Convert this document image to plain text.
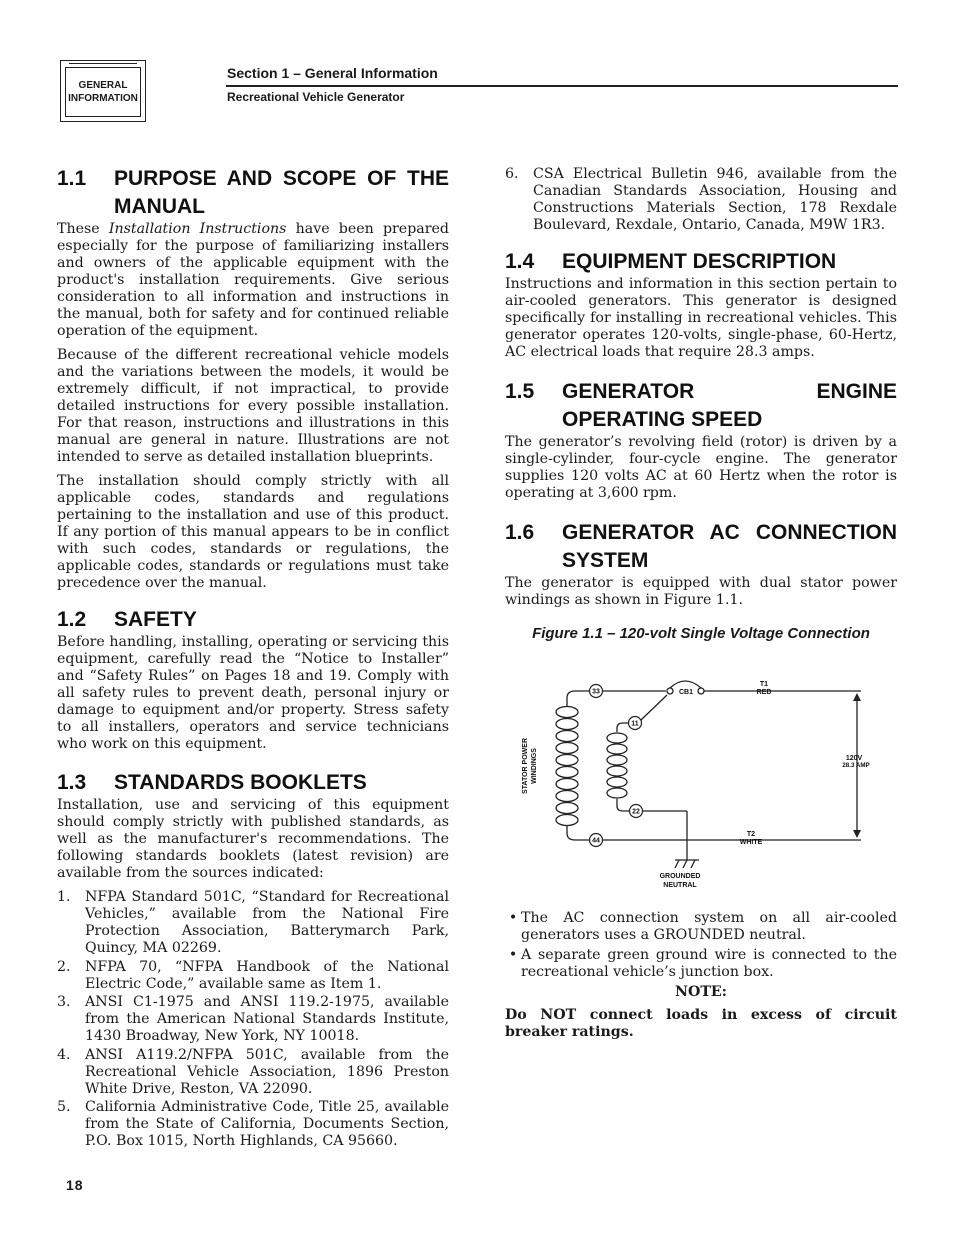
GENERAL
INFORMATION
Section 1 – General Information
Recreational Vehicle Generator
1.1	PURPOSE AND SCOPE OF THE MANUAL

These Installation Instructions have been prepared especially for the purpose of familiarizing installers and owners of the applicable equipment with the product's installation requirements. Give serious consideration to all information and instructions in the manual, both for safety and for continued reliable operation of the equipment.

Because of the different recreational vehicle models and the variations between the models, it would be extremely difficult, if not impractical, to provide detailed instructions for every possible installation. For that reason, instructions and illustrations in this manual are general in nature. Illustrations are not intended to serve as detailed installation blueprints.

The installation should comply strictly with all applicable codes, standards and regulations pertaining to the installation and use of this product. If any portion of this manual appears to be in conflict with such codes, standards or regulations, the applicable codes, standards or regulations must take precedence over the manual.

1.2	SAFETY

Before handling, installing, operating or servicing this equipment, carefully read the “Notice to Installer” and “Safety Rules” on Pages 18 and 19. Comply with all safety rules to prevent death, personal injury or damage to equipment and/or property. Stress safety to all installers, operators and service technicians who work on this equipment.

1.3	STANDARDS BOOKLETS

Installation, use and servicing of this equipment should comply strictly with published standards, as well as the manufacturer's recommendations. The following standards booklets (latest revision) are available from the sources indicated:

1.	NFPA Standard 501C, “Standard for Recreational Vehicles,” available from the National Fire Protection Association, Batterymarch Park, Quincy, MA 02269.
2.	NFPA 70, “NFPA Handbook of the National Electric Code,” available same as Item 1.
3.	ANSI C1-1975 and ANSI 119.2-1975, available from the American National Standards Institute, 1430 Broadway, New York, NY 10018.
4.	ANSI A119.2/NFPA 501C, available from the Recreational Vehicle Association, 1896 Preston White Drive, Reston, VA 22090.
5.	California Administrative Code, Title 25, available from the State of California, Documents Section, P.O. Box 1015, North Highlands, CA 95660.
6.	CSA Electrical Bulletin 946, available from the Canadian Standards Association, Housing and Constructions Materials Section, 178 Rexdale Boulevard, Rexdale, Ontario, Canada, M9W 1R3.
1.4	EQUIPMENT DESCRIPTION

Instructions and information in this section pertain to air-cooled generators. This generator is designed specifically for installing in recreational vehicles. This generator operates 120-volts, single-phase, 60-Hertz, AC electrical loads that require 28.3 amps.

1.5	GENERATOR ENGINE OPERATING SPEED

The generator’s revolving field (rotor) is driven by a single-cylinder, four-cycle engine. The generator supplies 120 volts AC at 60 Hertz when the rotor is operating at 3,600 rpm.

1.6	GENERATOR AC CONNECTION SYSTEM

The generator is equipped with dual stator power windings as shown in Figure 1.1.

Figure 1.1 – 120-volt Single Voltage Connection

33
11
22
44
CB1
T1
RED
T2
WHITE
120V
28.3 AMP
GROUNDED
NEUTRAL
STATOR POWER WINDINGS
• The AC connection system on all air-cooled generators uses a GROUNDED neutral.
• A separate green ground wire is connected to the recreational vehicle’s junction box.

NOTE:

Do NOT connect loads in excess of circuit breaker ratings.

18
